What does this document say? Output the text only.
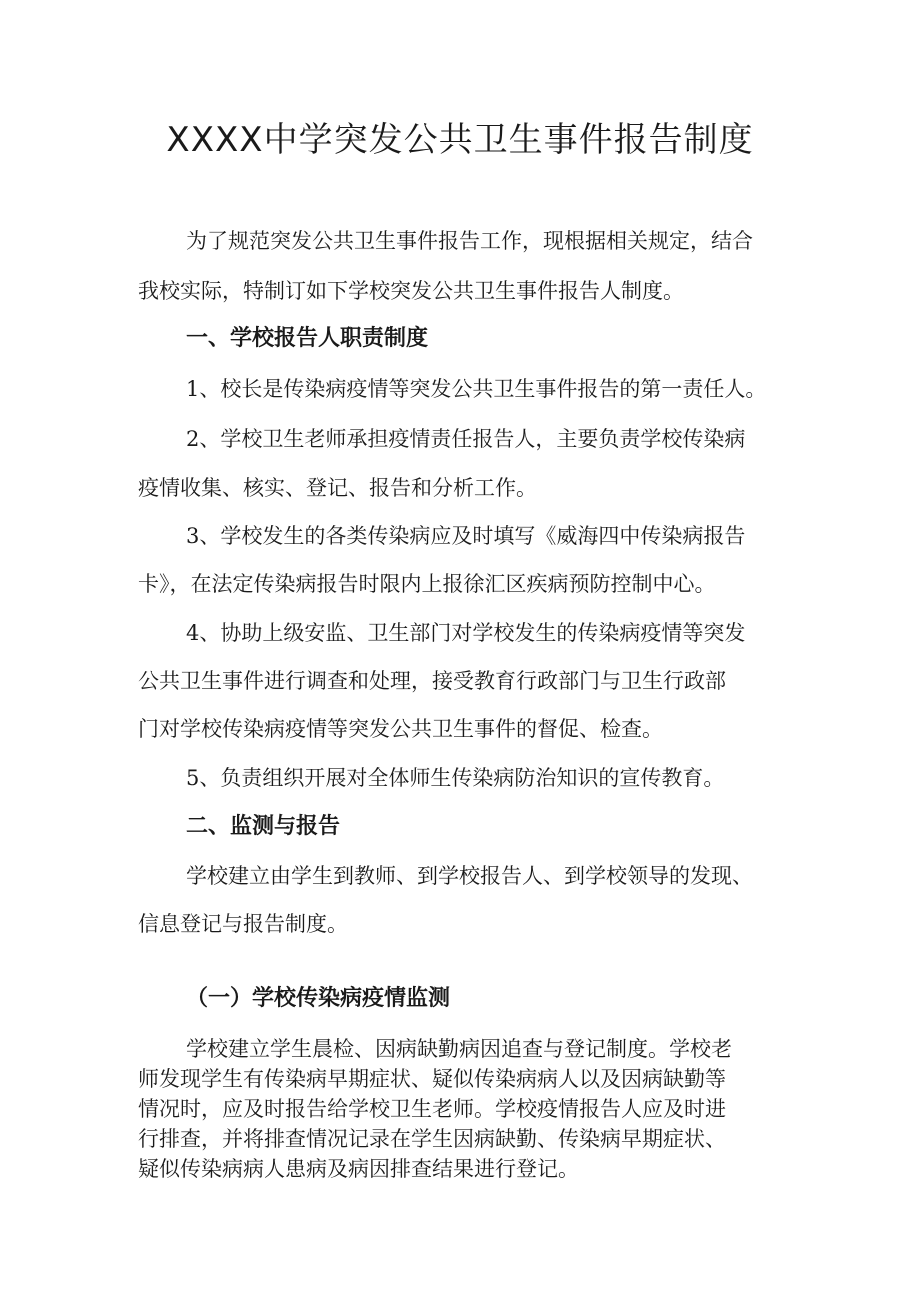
XXXX中学突发公共卫生事件报告制度

为了规范突发公共卫生事件报告工作，现根据相关规定，结合

我校实际，特制订如下学校突发公共卫生事件报告人制度。

一、学校报告人职责制度

1、校长是传染病疫情等突发公共卫生事件报告的第一责任人。

2、学校卫生老师承担疫情责任报告人，主要负责学校传染病

疫情收集、核实、登记、报告和分析工作。

3、学校发生的各类传染病应及时填写《威海四中传染病报告

卡》，在法定传染病报告时限内上报徐汇区疾病预防控制中心。

4、协助上级安监、卫生部门对学校发生的传染病疫情等突发

公共卫生事件进行调查和处理，接受教育行政部门与卫生行政部

门对学校传染病疫情等突发公共卫生事件的督促、检查。

5、负责组织开展对全体师生传染病防治知识的宣传教育。

二、监测与报告

学校建立由学生到教师、到学校报告人、到学校领导的发现、

信息登记与报告制度。

（一）学校传染病疫情监测

学校建立学生晨检、因病缺勤病因追查与登记制度。学校老

师发现学生有传染病早期症状、疑似传染病病人以及因病缺勤等

情况时，应及时报告给学校卫生老师。学校疫情报告人应及时进

行排查，并将排查情况记录在学生因病缺勤、传染病早期症状、

疑似传染病病人患病及病因排查结果进行登记。
